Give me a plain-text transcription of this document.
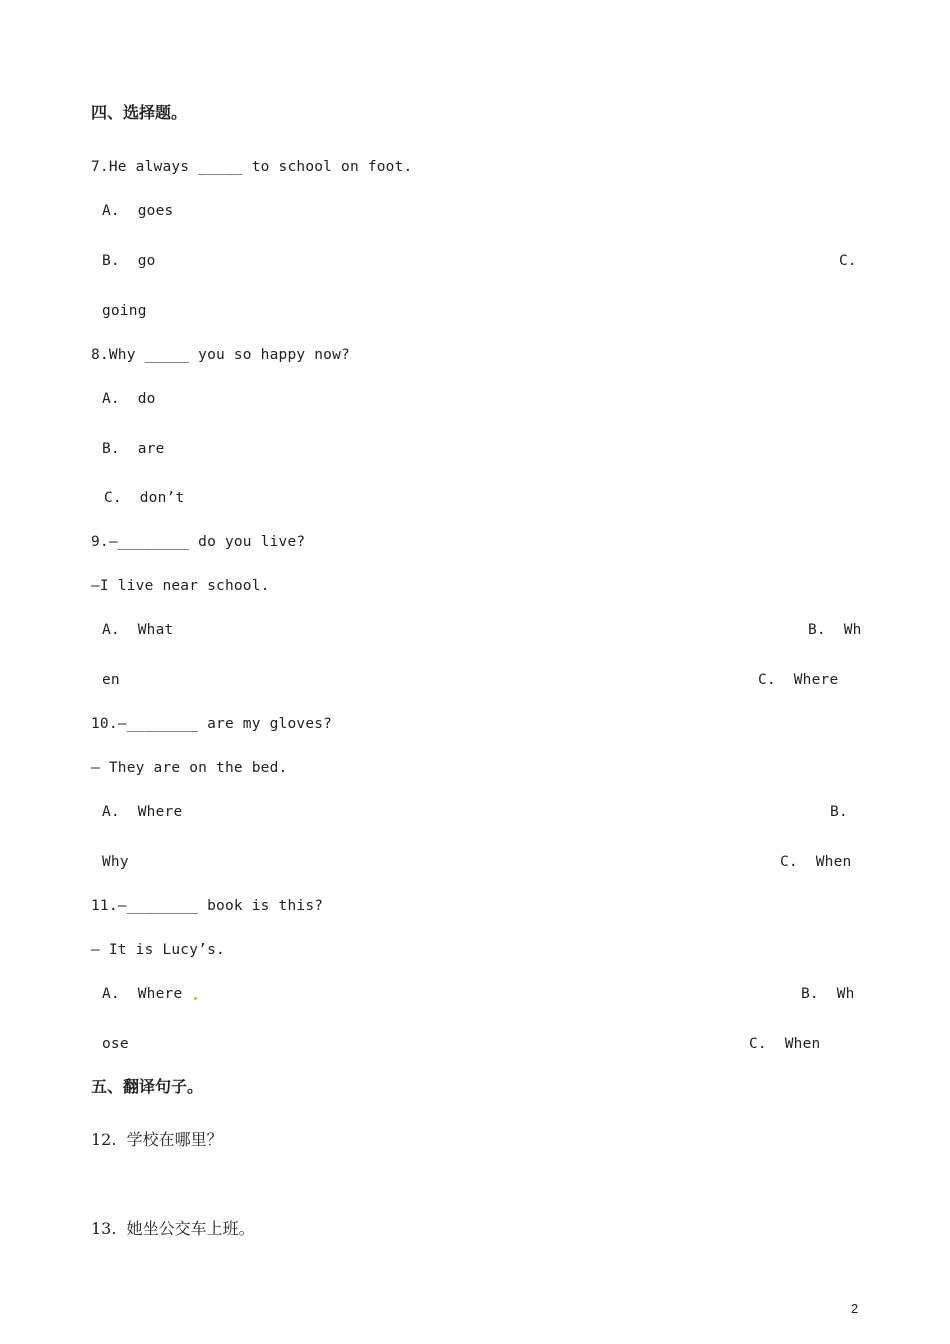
四、选择题。
7.He always _____ to school on foot.
A.  goes
B.  go	C.
going
8.Why _____ you so happy now?
A.  do
B.  are
C.  don’t
9.—________ do you live?
—I live near school.
A.  What	B.  Wh
en	C.  Where
10.—________ are my gloves?
— They are on the bed.
A.  Where	B.
Why	C.  When
11.—________ book is this?
— It is Lucy’s.
A.  Where	B.  Wh
ose	C.  When
五、翻译句子。
12.  学校在哪里？
13.  她坐公交车上班。
2
